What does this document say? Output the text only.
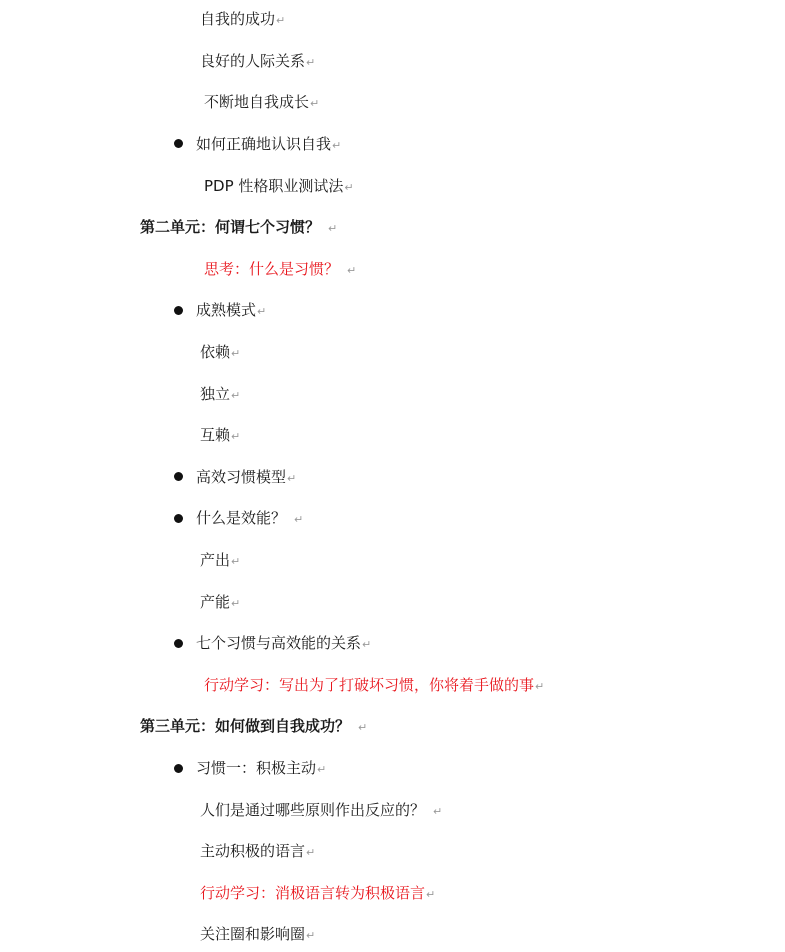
自我的成功↵
良好的人际关系↵
不断地自我成长↵
如何正确地认识自我↵
PDP 性格职业测试法↵
第二单元：何谓七个习惯？ ↵
思考：什么是习惯？ ↵
成熟模式↵
依赖↵
独立↵
互赖↵
高效习惯模型↵
什么是效能？ ↵
产出↵
产能↵
七个习惯与高效能的关系↵
行动学习：写出为了打破坏习惯，你将着手做的事↵
第三单元：如何做到自我成功？ ↵
习惯一：积极主动↵
人们是通过哪些原则作出反应的？ ↵
主动积极的语言↵
行动学习：消极语言转为积极语言↵
关注圈和影响圈↵
